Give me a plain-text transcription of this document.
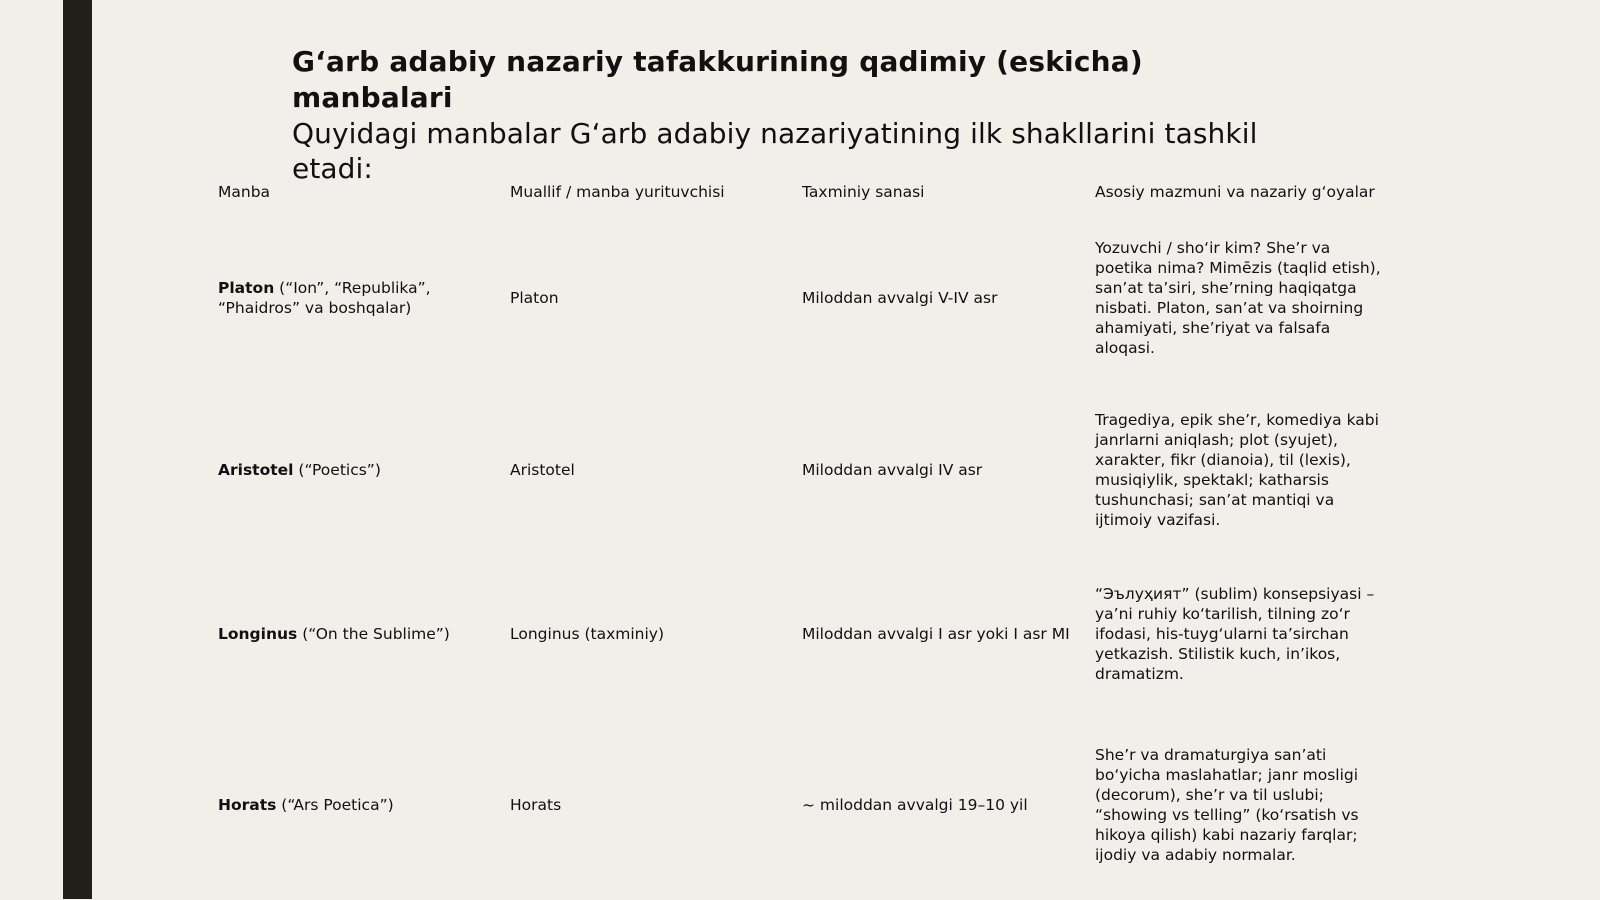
G‘arb adabiy nazariy tafakkurining qadimiy (eskicha) manbalari
Quyidagi manbalar G‘arb adabiy nazariyatining ilk shakllarini tashkil etadi:
Manba	Muallif / manba yurituvchisi	Taxminiy sanasi	Asosiy mazmuni va nazariy g‘oyalar
Platon (“Ion”, “Republika”, “Phaidros” va boshqalar)	Platon	Miloddan avvalgi V-IV asr	Yozuvchi / sho‘ir kim? She’r va poetika nima? Mimēzis (taqlid etish), san’at ta’siri, she’rning haqiqatga nisbati. Platon, san’at va shoirning ahamiyati, she’riyat va falsafa aloqasi.
Aristotel (“Poetics”)	Aristotel	Miloddan avvalgi IV asr	Tragediya, epik she’r, komediya kabi janrlarni aniqlash; plot (syujet), xarakter, fikr (dianoia), til (lexis), musiqiylik, spektakl; katharsis tushunchasi; san’at mantiqi va ijtimoiy vazifasi.
Longinus (“On the Sublime”)	Longinus (taxminiy)	Miloddan avvalgi I asr yoki I asr MI	“Эълуҳият” (sublim) konsepsiyasi – ya’ni ruhiy ko‘tarilish, tilning zo‘r ifodasi, his-tuyg‘ularni ta’sirchan yetkazish. Stilistik kuch, in’ikos, dramatizm.
Horats (“Ars Poetica”)	Horats	~ miloddan avvalgi 19–10 yil	She’r va dramaturgiya san’ati bo‘yicha maslahatlar; janr mosligi (decorum), she’r va til uslubi; “showing vs telling” (ko‘rsatish vs hikoya qilish) kabi nazariy farqlar; ijodiy va adabiy normalar.
